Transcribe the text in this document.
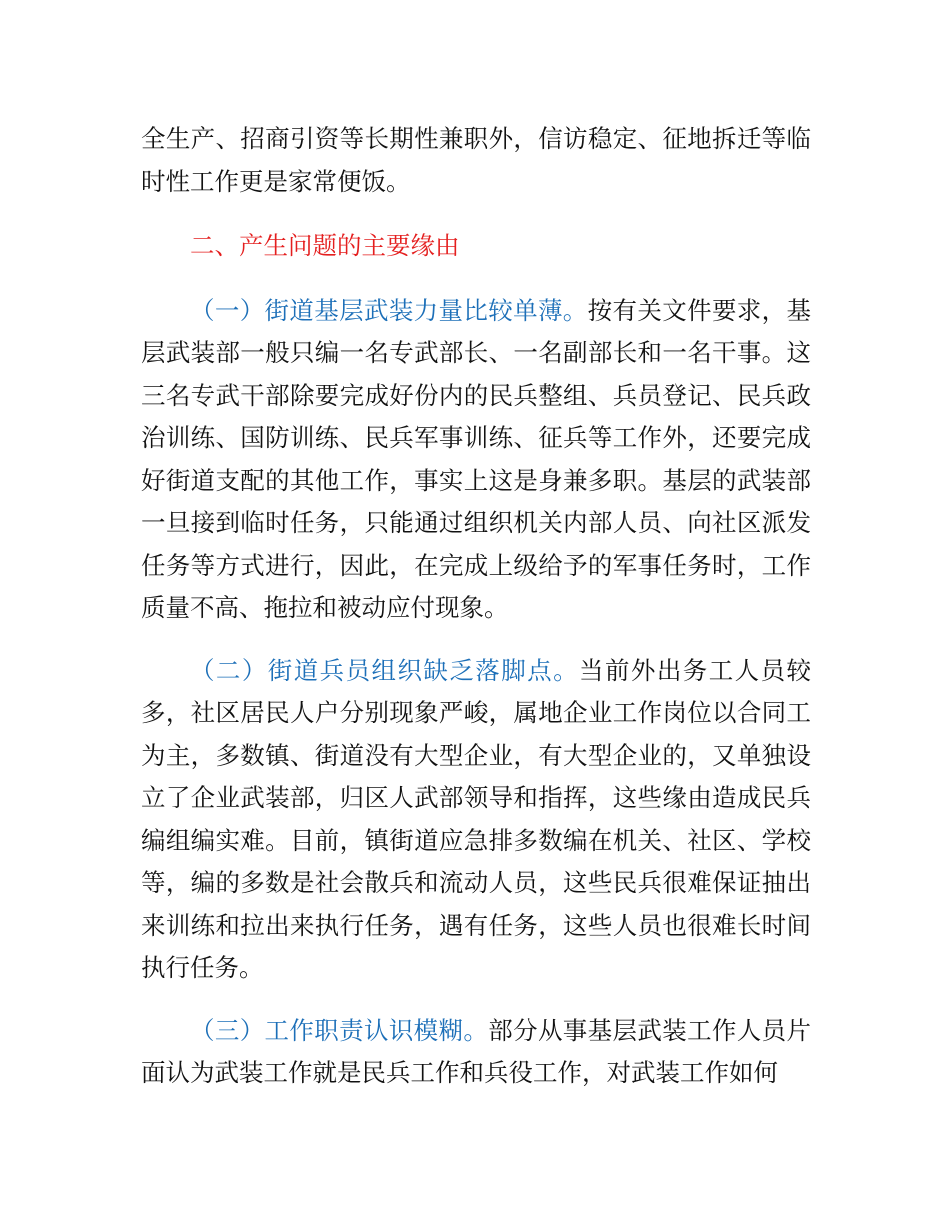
全生产、招商引资等长期性兼职外，信访稳定、征地拆迁等临时性工作更是家常便饭。

二、产生问题的主要缘由

（一）街道基层武装力量比较单薄。按有关文件要求，基层武装部一般只编一名专武部长、一名副部长和一名干事。这三名专武干部除要完成好份内的民兵整组、兵员登记、民兵政治训练、国防训练、民兵军事训练、征兵等工作外，还要完成好街道支配的其他工作，事实上这是身兼多职。基层的武装部一旦接到临时任务，只能通过组织机关内部人员、向社区派发任务等方式进行，因此，在完成上级给予的军事任务时，工作质量不高、拖拉和被动应付现象。

（二）街道兵员组织缺乏落脚点。当前外出务工人员较多，社区居民人户分别现象严峻，属地企业工作岗位以合同工为主，多数镇、街道没有大型企业，有大型企业的，又单独设立了企业武装部，归区人武部领导和指挥，这些缘由造成民兵编组编实难。目前，镇街道应急排多数编在机关、社区、学校等，编的多数是社会散兵和流动人员，这些民兵很难保证抽出来训练和拉出来执行任务，遇有任务，这些人员也很难长时间执行任务。

（三）工作职责认识模糊。部分从事基层武装工作人员片面认为武装工作就是民兵工作和兵役工作，对武装工作如何
